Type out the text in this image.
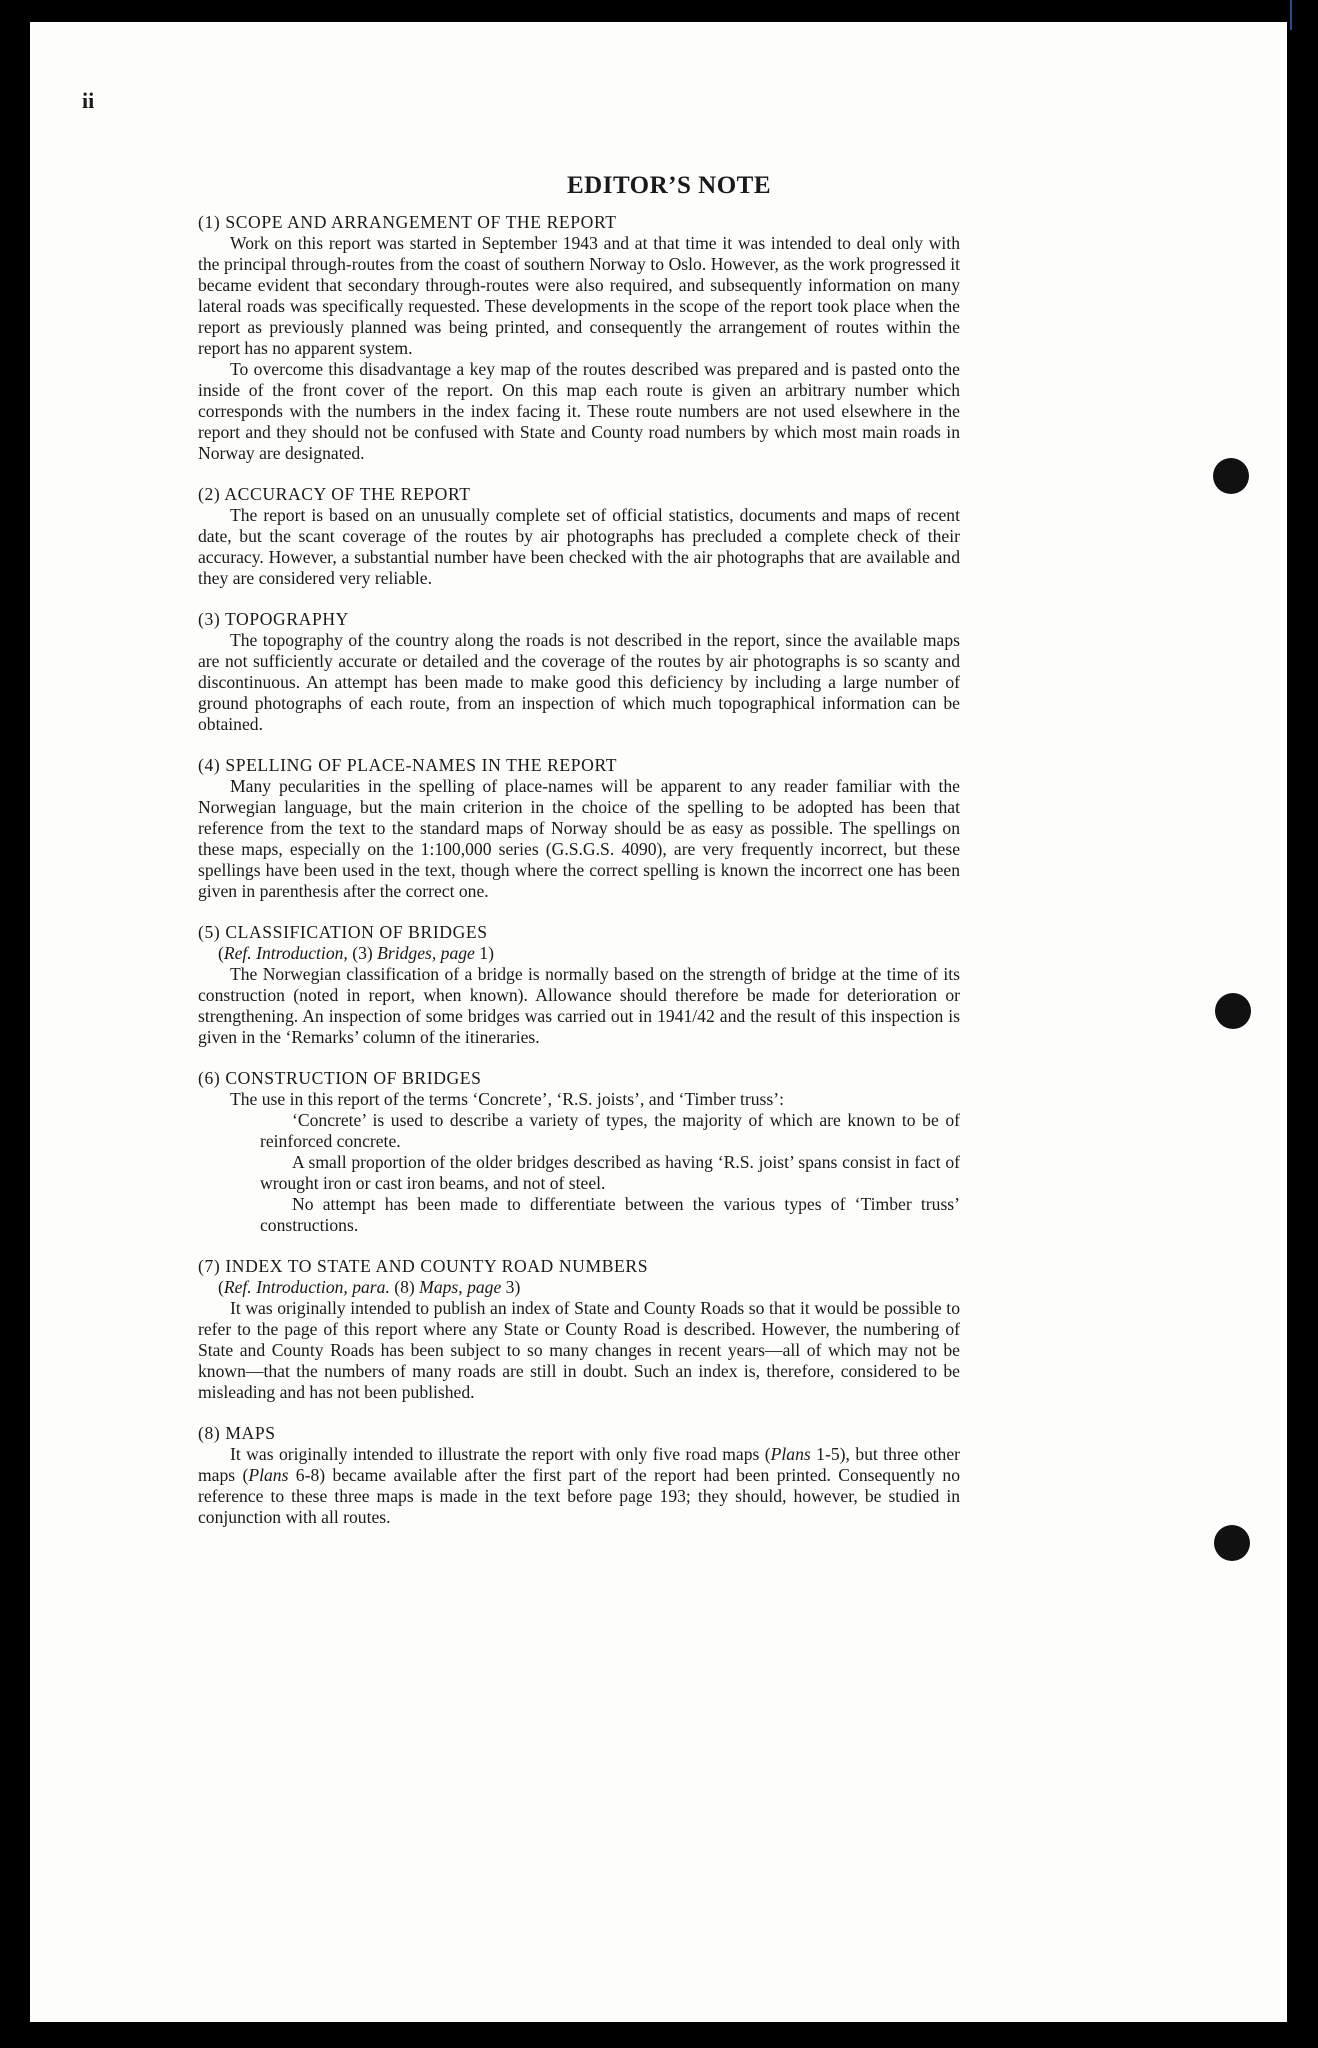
ii
EDITOR’S NOTE
(1) SCOPE AND ARRANGEMENT OF THE REPORT

Work on this report was started in September 1943 and at that time it was intended to deal only with the principal through-routes from the coast of southern Norway to Oslo. However, as the work progressed it became evident that secondary through-routes were also required, and subsequently information on many lateral roads was specifically requested. These developments in the scope of the report took place when the report as previously planned was being printed, and consequently the arrangement of routes within the report has no apparent system.

To overcome this disadvantage a key map of the routes described was prepared and is pasted onto the inside of the front cover of the report. On this map each route is given an arbitrary number which corresponds with the numbers in the index facing it. These route numbers are not used elsewhere in the report and they should not be confused with State and County road numbers by which most main roads in Norway are designated.

(2) ACCURACY OF THE REPORT

The report is based on an unusually complete set of official statistics, documents and maps of recent date, but the scant coverage of the routes by air photographs has precluded a complete check of their accuracy. However, a substantial number have been checked with the air photographs that are available and they are considered very reliable.

(3) TOPOGRAPHY

The topography of the country along the roads is not described in the report, since the available maps are not sufficiently accurate or detailed and the coverage of the routes by air photographs is so scanty and discontinuous. An attempt has been made to make good this deficiency by including a large number of ground photographs of each route, from an inspection of which much topographical information can be obtained.

(4) SPELLING OF PLACE-NAMES IN THE REPORT

Many pecularities in the spelling of place-names will be apparent to any reader familiar with the Norwegian language, but the main criterion in the choice of the spelling to be adopted has been that reference from the text to the standard maps of Norway should be as easy as possible. The spellings on these maps, especially on the 1:100,000 series (G.S.G.S. 4090), are very frequently incorrect, but these spellings have been used in the text, though where the correct spelling is known the incorrect one has been given in parenthesis after the correct one.

(5) CLASSIFICATION OF BRIDGES
(Ref. Introduction, (3) Bridges, page 1)

The Norwegian classification of a bridge is normally based on the strength of bridge at the time of its construction (noted in report, when known). Allowance should therefore be made for deterioration or strengthening. An inspection of some bridges was carried out in 1941/42 and the result of this inspection is given in the ‘Remarks’ column of the itineraries.

(6) CONSTRUCTION OF BRIDGES

The use in this report of the terms ‘Concrete’, ‘R.S. joists’, and ‘Timber truss’:

‘Concrete’ is used to describe a variety of types, the majority of which are known to be of reinforced concrete.

A small proportion of the older bridges described as having ‘R.S. joist’ spans consist in fact of wrought iron or cast iron beams, and not of steel.

No attempt has been made to differentiate between the various types of ‘Timber truss’ constructions.

(7) INDEX TO STATE AND COUNTY ROAD NUMBERS
(Ref. Introduction, para. (8) Maps, page 3)

It was originally intended to publish an index of State and County Roads so that it would be possible to refer to the page of this report where any State or County Road is described. However, the numbering of State and County Roads has been subject to so many changes in recent years—all of which may not be known—that the numbers of many roads are still in doubt. Such an index is, therefore, considered to be misleading and has not been published.

(8) MAPS

It was originally intended to illustrate the report with only five road maps (Plans 1-5), but three other maps (Plans 6-8) became available after the first part of the report had been printed. Consequently no reference to these three maps is made in the text before page 193; they should, however, be studied in conjunction with all routes.
